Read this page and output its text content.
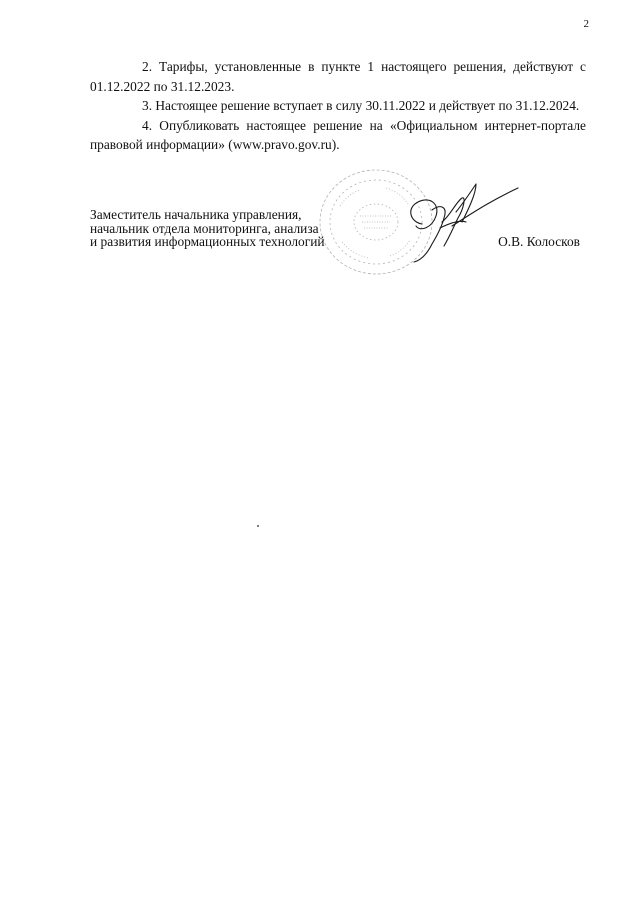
2

2. Тарифы, установленные в пункте 1 настоящего решения, действуют с 01.12.2022 по 31.12.2023.

3. Настоящее решение вступает в силу 30.11.2022 и действует по 31.12.2024.

4. Опубликовать настоящее решение на «Официальном интернет-портале правовой информации» (www.pravo.gov.ru).

Заместитель начальника управления,
начальник отдела мониторинга, анализа
и развития информационных технологий	О.В. Колосков
